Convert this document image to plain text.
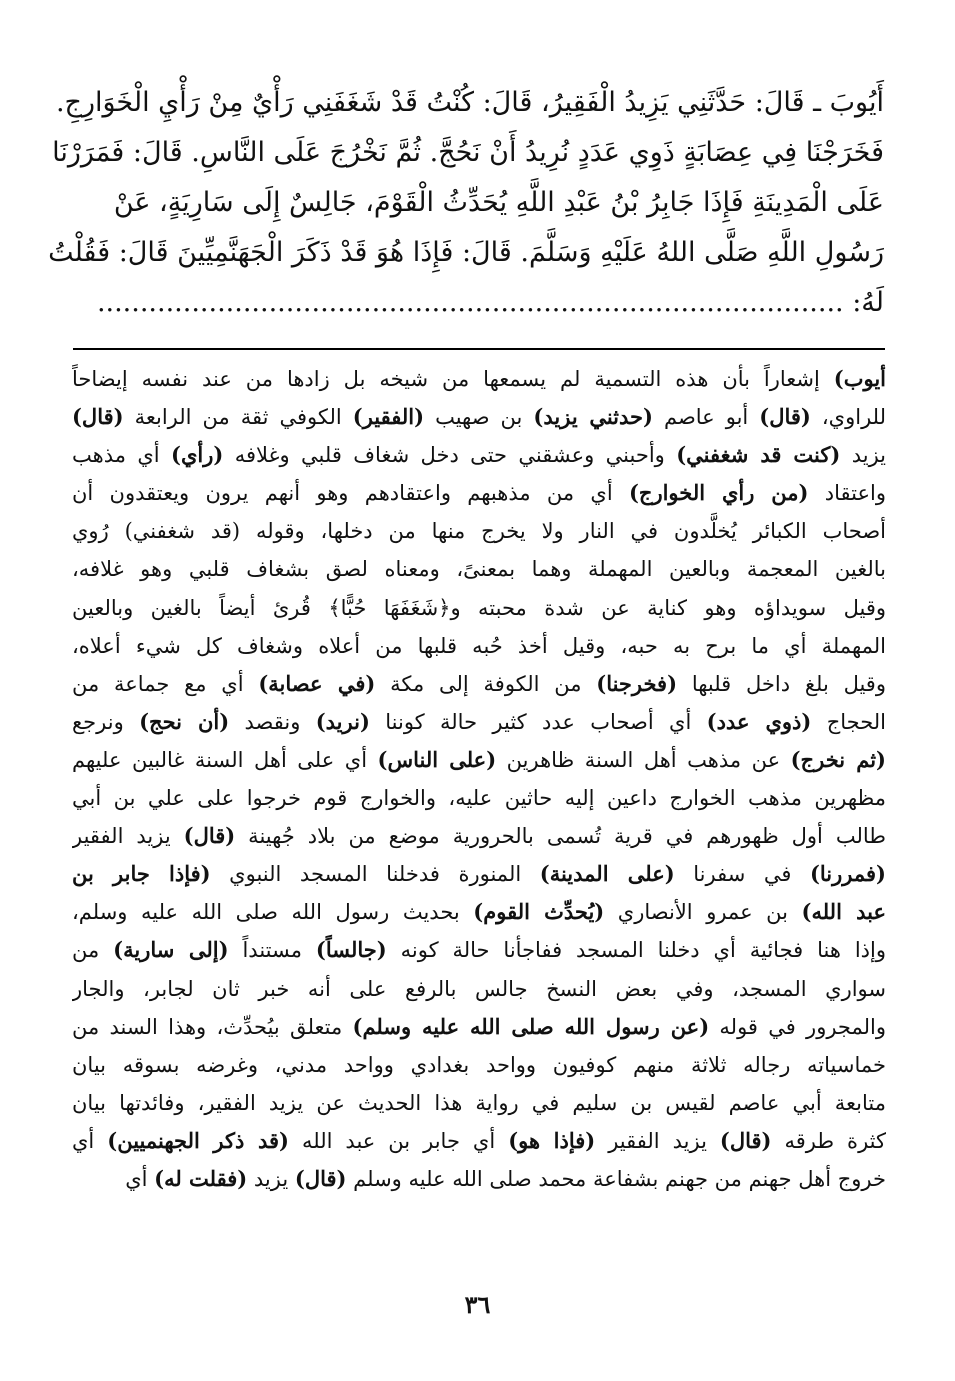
أَيُوبَ ـ قَالَ: حَدَّثَنِي يَزِيدُ الْفَقِيرُ، قَالَ: كُنْتُ قَدْ شَغَفَنِي رَأْيٌ مِنْ رَأْيِ الْخَوَارِجِ.
فَخَرَجْنَا فِي عِصَابَةٍ ذَوِي عَدَدٍ نُرِيدُ أَنْ نَحُجَّ. ثُمَّ نَخْرُجَ عَلَى النَّاسِ. قَالَ: فَمَرَرْنَا
عَلَى الْمَدِينَةِ فَإِذَا جَابِرُ بْنُ عَبْدِ اللَّهِ يُحَدِّثُ الْقَوْمَ، جَالِسٌ إِلَى سَارِيَةٍ، عَنْ
رَسُولِ اللَّهِ صَلَّى اللهُ عَلَيْهِ وَسَلَّمَ. قَالَ: فَإِذَا هُوَ قَدْ ذَكَرَ الْجَهَنَّمِيِّينَ قَالَ: فَقُلْتُ
لَهُ: .......................................................................................
أيوب) إشعاراً بأن هذه التسمية لم يسمعها من شيخه بل زادها من عند نفسه إيضاحاً
للراوي، (قال) أبو عاصم (حدثني يزيد) بن صهيب (الفقير) الكوفي ثقة من الرابعة (قال)
يزيد (كنت قد شغفني) وأحبني وعشقني حتى دخل شغاف قلبي وغلافه (رأي) أي مذهب
واعتقاد (من رأي الخوارج) أي من مذهبهم واعتقادهم وهو أنهم يرون ويعتقدون أن
أصحاب الكبائر يُخلَّدون في النار ولا يخرج منها من دخلها، وقوله (قد شغفني) رُوي
بالغين المعجمة وبالعين المهملة وهما بمعنىً، ومعناه لصق بشغاف قلبي وهو غلافه،
وقيل سويداؤه وهو كناية عن شدة محبته و﴿شَغَفَهَا حُبًّا﴾ قُرئ أيضاً بالغين وبالعين
المهملة أي ما برح به حبه، وقيل أخذ حُبه قلبها من أعلاه وشغاف كل شيء أعلاه،
وقيل بلغ داخل قلبها (فخرجنا) من الكوفة إلى مكة (في عصابة) أي مع جماعة من
الحجاج (ذوي عدد) أي أصحاب عدد كثير حالة كوننا (نريد) ونقصد (أن نحج) ونرجع
(ثم نخرج) عن مذهب أهل السنة ظاهرين (على الناس) أي على أهل السنة غالبين عليهم
مظهرين مذهب الخوارج داعين إليه حاثين عليه، والخوارج قوم خرجوا على علي بن أبي
طالب أول ظهورهم في قرية تُسمى بالحرورية موضع من بلاد جُهينة (قال) يزيد الفقير
(فمررنا) في سفرنا (على المدينة) المنورة فدخلنا المسجد النبوي (فإذا جابر بن
عبد الله) بن عمرو الأنصاري (يُحدِّث القوم) بحديث رسول الله صلى الله عليه وسلم،
وإذا هنا فجائية أي دخلنا المسجد ففاجأنا حالة كونه (جالساً) مستنداً (إلى سارية) من
سواري المسجد، وفي بعض النسخ جالس بالرفع على أنه خبر ثان لجابر، والجار
والمجرور في قوله (عن رسول الله صلى الله عليه وسلم) متعلق بيُحدِّث، وهذا السند من
خماسياته رجاله ثلاثة منهم كوفيون وواحد بغدادي وواحد مدني، وغرضه بسوقه بيان
متابعة أبي عاصم لقيس بن سليم في رواية هذا الحديث عن يزيد الفقير، وفائدتها بيان
كثرة طرقه (قال) يزيد الفقير (فإذا هو) أي جابر بن عبد الله (قد ذكر الجهنميين) أي
خروج أهل جهنم من جهنم بشفاعة محمد صلى الله عليه وسلم (قال) يزيد (فقلت له) أي
٣٦
